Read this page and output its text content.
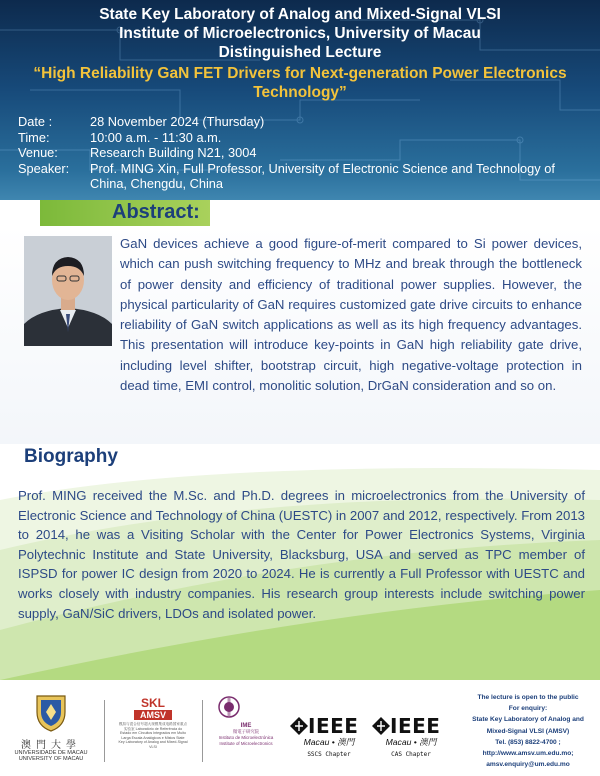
State Key Laboratory of Analog and Mixed-Signal VLSI
Institute of Microelectronics, University of Macau
Distinguished Lecture
“High Reliability GaN FET Drivers for Next-generation Power Electronics Technology”
Date :	28 November 2024 (Thursday)
Time:	10:00 a.m. - 11:30 a.m.
Venue:	Research Building N21, 3004
Speaker:	Prof. MING Xin, Full Professor, University of Electronic Science and Technology of China, Chengdu, China
Abstract:
GaN devices achieve a good figure-of-merit compared to Si power devices, which can push switching frequency to MHz and break through the bottleneck of power density and efficiency of traditional power supplies. However, the physical particularity of GaN requires customized gate drive circuits to enhance reliability of GaN switch applications as well as its high frequency advantages. This presentation will introduce key-points in GaN high reliability gate drive, including level shifter, bootstrap circuit, high negative-voltage protection in dead time, EMI control, monolitic solution, DrGaN consideration and so on.
Biography
Prof. MING received the M.Sc. and Ph.D. degrees in microelectronics from the University of Electronic Science and Technology of China (UESTC) in 2007 and 2012, respectively. From 2013 to 2014, he was a Visiting Scholar with the Center for Power Electronics Systems, Virginia Polytechnic Institute and State University, Blacksburg, USA and served as TPC member of ISPSD for power IC design from 2020 to 2024. He is currently a Full Professor with UESTC and works closely with industry companies. His research group interests include switching power supply, GaN/SiC drivers, LDOs and isolated power.
澳門大學
UNIVERSIDADE DE MACAU UNIVERSITY OF MACAU
SKL
AMSV
模拟与混合信号超大规模集成电路国家重点实验室 Laboratório de Referência do Estado em Circuitos Integrados em Muito Larga Escala Analógicos e Mistos State Key Laboratory of Analog and Mixed-Signal VLSI
IME
微電子研究院
Instituto de Microelectrónica
Institute of Microelectronics
IEEE
Macau • 澳門
SSCS Chapter
IEEE
Macau • 澳門
CAS Chapter
The lecture is open to the public
For enquiry:
State Key Laboratory of Analog and
Mixed-Signal VLSI (AMSV)
Tel. (853) 8822-4700 ;
http://www.amsv.um.edu.mo;
amsv.enquiry@um.edu.mo
